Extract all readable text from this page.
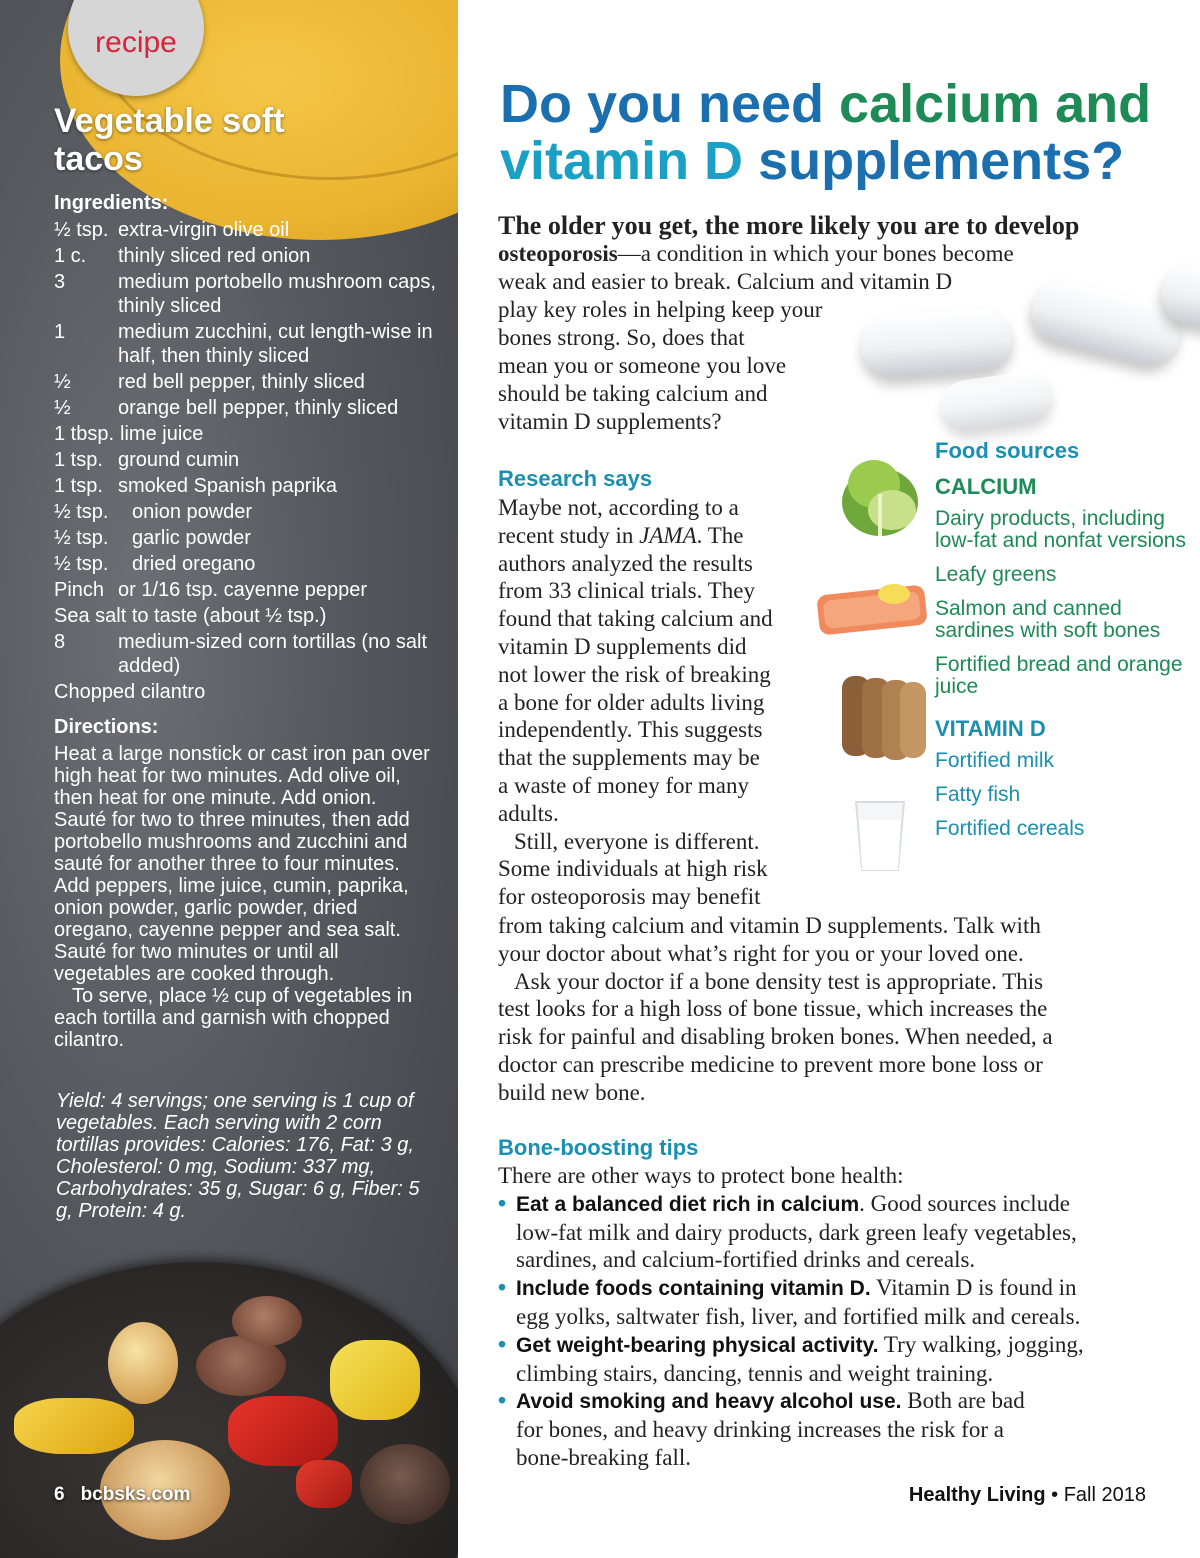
recipe
Vegetable soft tacos
Ingredients:
½ tsp. extra-virgin olive oil
1 c.	thinly sliced red onion
3	medium portobello mushroom caps, thinly sliced
1	medium zucchini, cut length-wise in half, then thinly sliced
½	red bell pepper, thinly sliced
½	orange bell pepper, thinly sliced
1 tbsp. lime juice
1 tsp. ground cumin
1 tsp. smoked Spanish paprika
½ tsp.	onion powder
½ tsp.	garlic powder
½ tsp.	dried oregano
Pinch or 1/16 tsp. cayenne pepper
Sea salt to taste (about ½ tsp.)
8	medium-sized corn tortillas (no salt added)
Chopped cilantro
Directions:

Heat a large nonstick or cast iron pan over high heat for two minutes. Add olive oil, then heat for one minute. Add onion. Sauté for two to three minutes, then add portobello mushrooms and zucchini and sauté for another three to four minutes. Add peppers, lime juice, cumin, paprika, onion powder, garlic powder, dried oregano, cayenne pepper and sea salt. Sauté for two minutes or until all vegetables are cooked through.

To serve, place ½ cup of vegetables in each tortilla and garnish with chopped cilantro.

Yield: 4 servings; one serving is 1 cup of vegetables. Each serving with 2 corn tortillas provides: Calories: 176, Fat: 3 g, Cholesterol: 0 mg, Sodium: 337 mg, Carbohydrates: 35 g, Sugar: 6 g, Fiber: 5 g, Protein: 4 g.
6 bcbsks.com
Do you need calcium and
vitamin D supplements?
The older you get, the more likely you are to develop
osteoporosis—a condition in which your bones become
weak and easier to break. Calcium and vitamin D
play key roles in helping keep your
bones strong. So, does that
mean you or someone you love
should be taking calcium and
vitamin D supplements?
Research says
Maybe not, according to a
recent study in JAMA. The
authors analyzed the results
from 33 clinical trials. They
found that taking calcium and
vitamin D supplements did
not lower the risk of breaking
a bone for older adults living
independently. This suggests
that the supplements may be
a waste of money for many
adults.
Still, everyone is different.
Some individuals at high risk
for osteoporosis may benefit
from taking calcium and vitamin D supplements. Talk with
your doctor about what’s right for you or your loved one.
Ask your doctor if a bone density test is appropriate. This
test looks for a high loss of bone tissue, which increases the
risk for painful and disabling broken bones. When needed, a
doctor can prescribe medicine to prevent more bone loss or
build new bone.
Food sources
CALCIUM
Dairy products, including low-fat and nonfat versions
Leafy greens
Salmon and canned sardines with soft bones
Fortified bread and orange juice
VITAMIN D
Fortified milk
Fatty fish
Fortified cereals
Bone-boosting tips
There are other ways to protect bone health:
• Eat a balanced diet rich in calcium. Good sources include
low-fat milk and dairy products, dark green leafy vegetables,
sardines, and calcium-fortified drinks and cereals.
• Include foods containing vitamin D. Vitamin D is found in
egg yolks, saltwater fish, liver, and fortified milk and cereals.
• Get weight-bearing physical activity. Try walking, jogging,
climbing stairs, dancing, tennis and weight training.
• Avoid smoking and heavy alcohol use. Both are bad
for bones, and heavy drinking increases the risk for a
bone-breaking fall.
Healthy Living • Fall 2018
